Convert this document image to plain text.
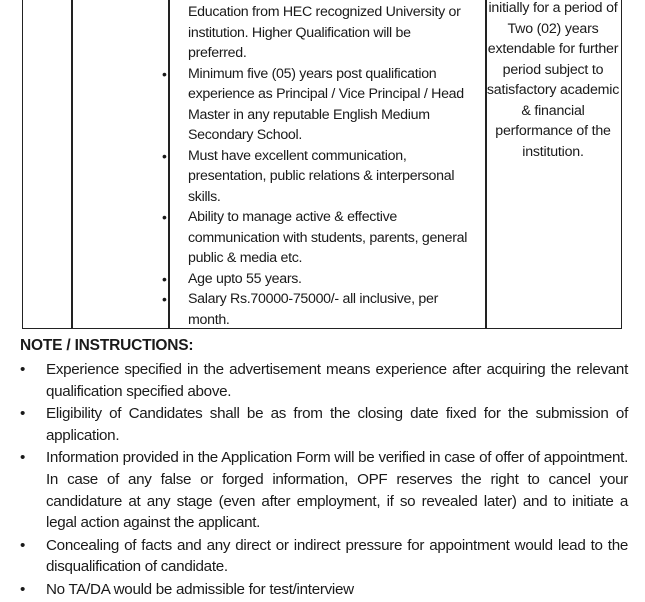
Education from HEC recognized University or institution. Higher Qualification will be preferred.
• Minimum five (05) years post qualification experience as Principal / Vice Principal / Head Master in any reputable English Medium Secondary School.
• Must have excellent communication, presentation, public relations & interpersonal skills.
• Ability to manage active & effective communication with students, parents, general public & media etc.
• Age upto 55 years.
• Salary Rs.70000-75000/- all inclusive, per month.
initially for a period of Two (02) years extendable for further period subject to satisfactory academic & financial performance of the institution.
NOTE / INSTRUCTIONS:
• Experience specified in the advertisement means experience after acquiring the relevant qualification specified above.
• Eligibility of Candidates shall be as from the closing date fixed for the submission of application.
• Information provided in the Application Form will be verified in case of offer of appointment. In case of any false or forged information, OPF reserves the right to cancel your candidature at any stage (even after employment, if so revealed later) and to initiate a legal action against the applicant.
• Concealing of facts and any direct or indirect pressure for appointment would lead to the disqualification of candidate.
• No TA/DA would be admissible for test/interview
